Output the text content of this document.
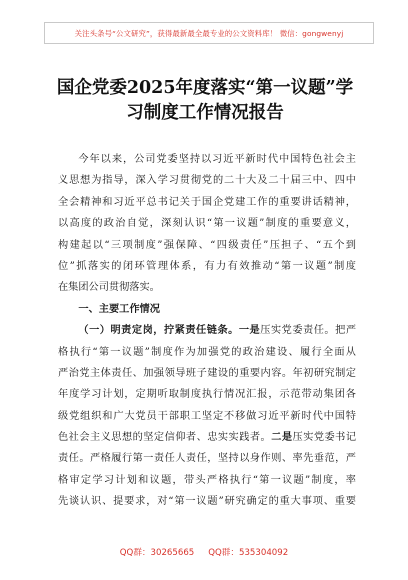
关注头条号“公文研究”，获得最新最全最专业的公文资料库！ 微信：gongwenyj
国企党委2025年度落实“第一议题”学
习制度工作情况报告
今年以来，公司党委坚持以习近平新时代中国特色社会主
义思想为指导，深入学习贯彻党的二十大及二十届三中、四中
全会精神和习近平总书记关于国企党建工作的重要讲话精神，
以高度的政治自觉，深刻认识“第一议题”制度的重要意义，
构建起以“三项制度”强保障、“四级责任”压担子、“五个到
位”抓落实的闭环管理体系，有力有效推动“第一议题”制度
在集团公司贯彻落实。
一、主要工作情况
（一）明责定岗，拧紧责任链条。一是压实党委责任。把严
格执行“第一议题”制度作为加强党的政治建设、履行全面从
严治党主体责任、加强领导班子建设的重要内容。年初研究制定
年度学习计划，定期听取制度执行情况汇报，示范带动集团各
级党组织和广大党员干部职工坚定不移做习近平新时代中国特
色社会主义思想的坚定信仰者、忠实实践者。二是压实党委书记
责任。严格履行第一责任人责任，坚持以身作则、率先垂范，严
格审定学习计划和议题，带头严格执行“第一议题”制度，率
先谈认识、提要求，对“第一议题”研究确定的重大事项、重要
QQ群：30265665 QQ群：535304092
